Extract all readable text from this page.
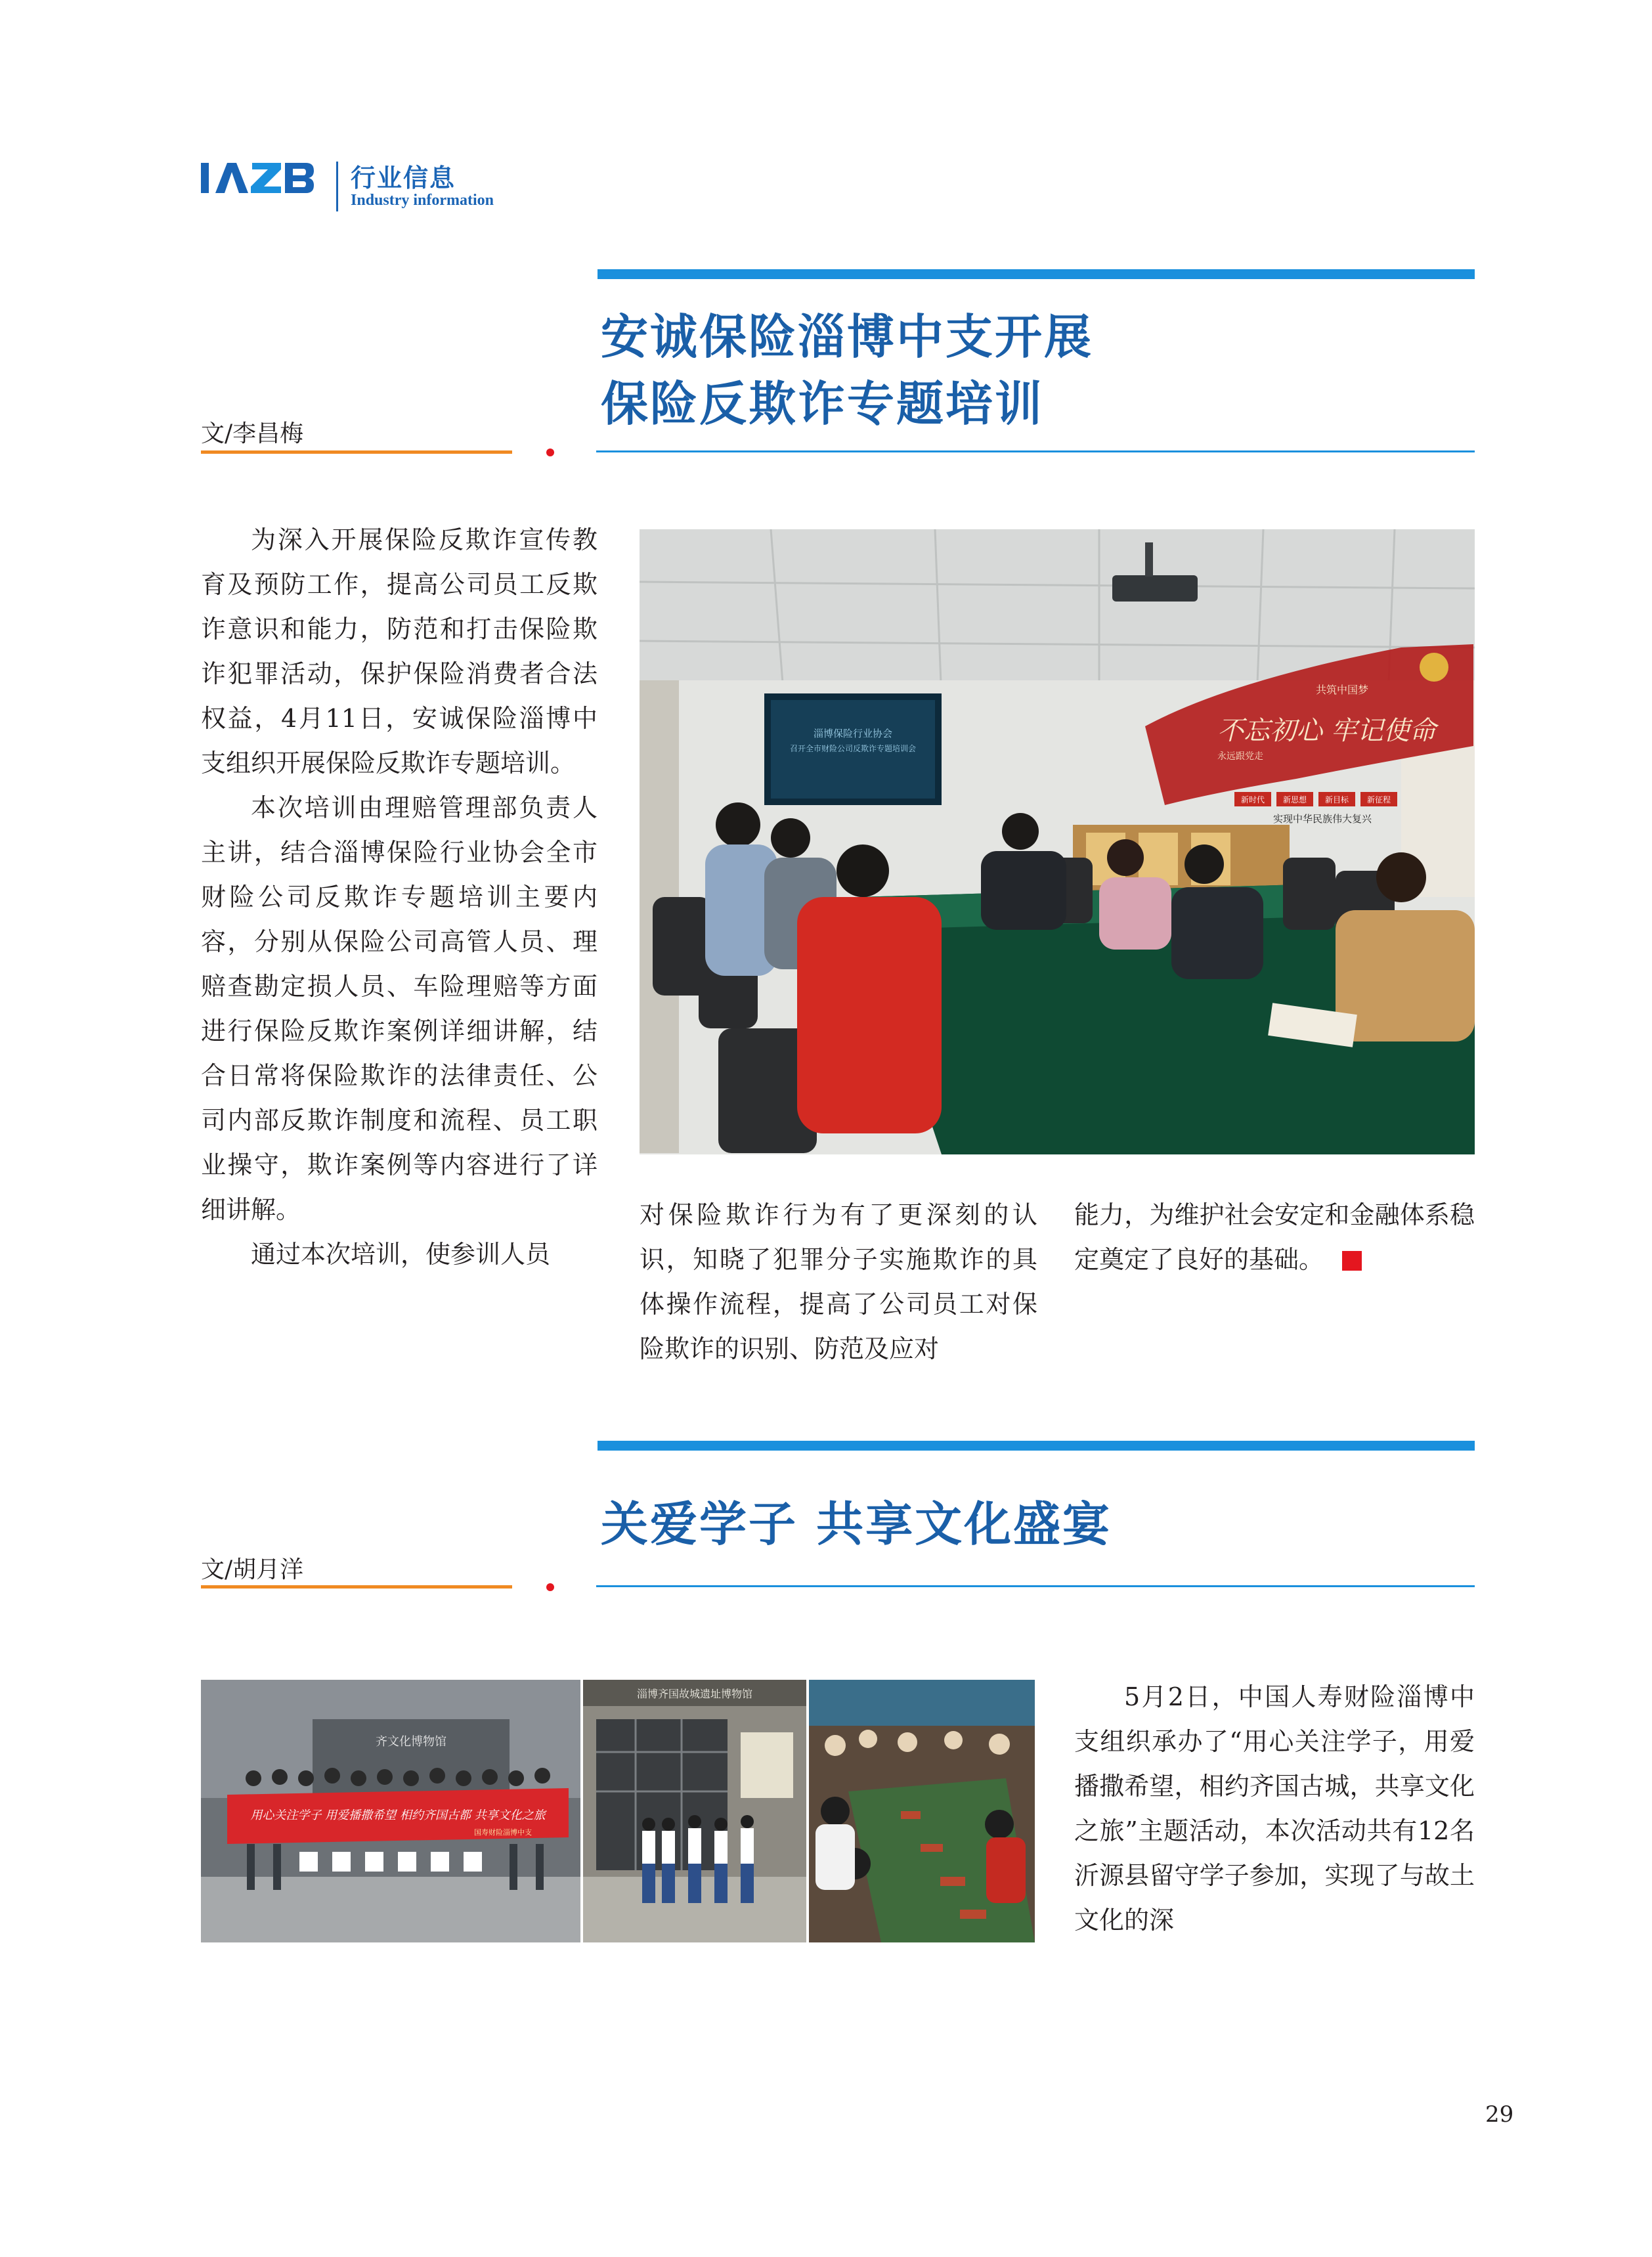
行业信息
Industry information
安诚保险淄博中支开展
保险反欺诈专题培训
文/李昌梅

为深入开展保险反欺诈宣传教育及预防工作，提高公司员工反欺诈意识和能力，防范和打击保险欺诈犯罪活动，保护保险消费者合法权益，4月11日，安诚保险淄博中支组织开展保险反欺诈专题培训。

本次培训由理赔管理部负责人主讲，结合淄博保险行业协会全市财险公司反欺诈专题培训主要内容，分别从保险公司高管人员、理赔查勘定损人员、车险理赔等方面进行保险反欺诈案例详细讲解，结合日常将保险欺诈的法律责任、公司内部反欺诈制度和流程、员工职业操守，欺诈案例等内容进行了详细讲解。

通过本次培训，使参训人员

淄博保险行业协会
召开全市财险公司反欺诈专题培训会
不忘初心 牢记使命
共筑中国梦
永远跟党走
新时代 新思想 新目标 新征程
实现中华民族伟大复兴

对保险欺诈行为有了更深刻的认识，知晓了犯罪分子实施欺诈的具体操作流程，提高了公司员工对保险欺诈的识别、防范及应对

能力，为维护社会安定和金融体系稳定奠定了良好的基础。

关爱学子 共享文化盛宴
文/胡月洋
齐文化博物馆
用心关注学子 用爱播撒希望 相约齐国古都 共享文化之旅
国寿财险淄博中支
淄博齐国故城遗址博物馆	5月2日，中国人寿财险淄博中支组织承办了“用心关注学子，用爱播撒希望，相约齐国古城，共享文化之旅”主题活动，本次活动共有12名沂源县留守学子参加，实现了与故土文化的深

29
